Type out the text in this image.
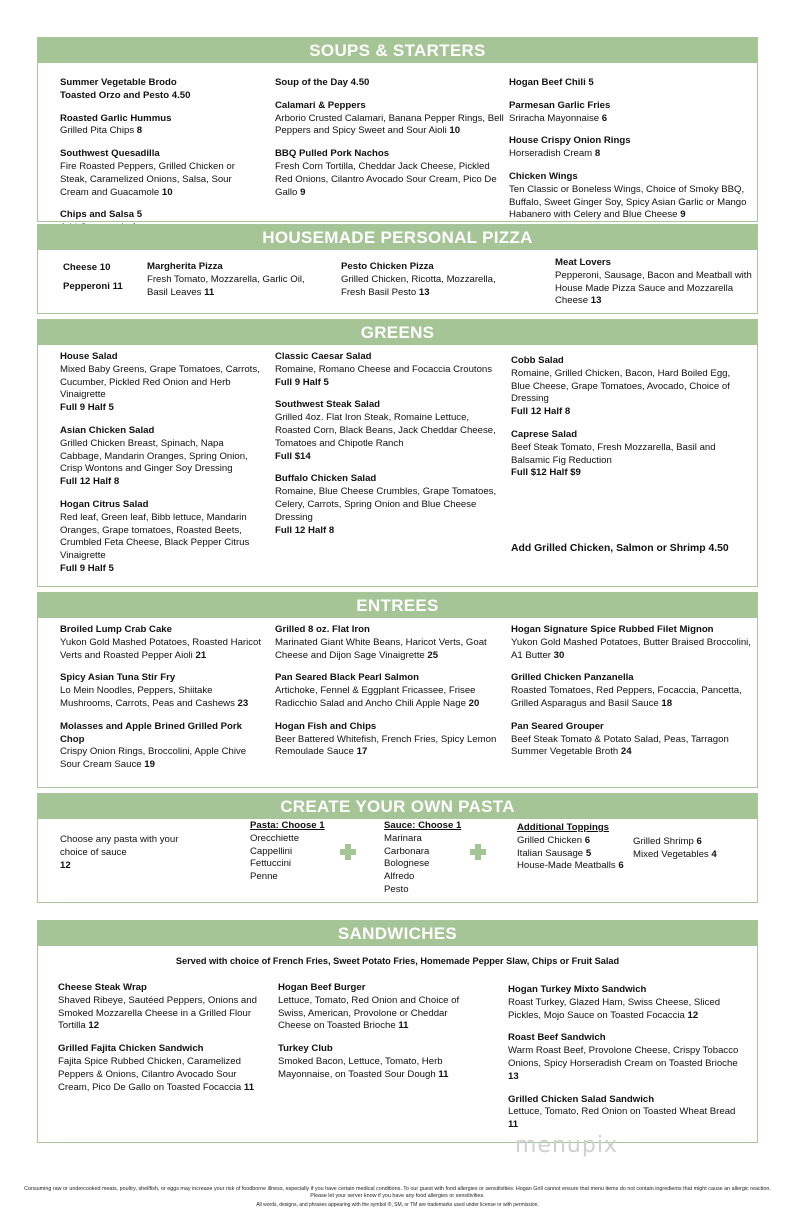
SOUPS & STARTERS
Summer Vegetable Brodo
Toasted Orzo and Pesto 4.50
Roasted Garlic Hummus
Grilled Pita Chips 8
Southwest Quesadilla
Fire Roasted Peppers, Grilled Chicken or Steak, Caramelized Onions, Salsa, Sour Cream and Guacamole 10
Chips and Salsa 5
Soup of the Day 4.50
Calamari & Peppers
Arborio Crusted Calamari, Banana Pepper Rings, Bell Peppers and Spicy Sweet and Sour Aioli 10
BBQ Pulled Pork Nachos
Fresh Corn Tortilla, Cheddar Jack Cheese, Pickled Red Onions, Cilantro Avocado Sour Cream, Pico De Gallo 9
Hogan Beef Chili 5
Parmesan Garlic Fries
Sriracha Mayonnaise 6
House Crispy Onion Rings
Horseradish Cream 8
Chicken Wings
Ten Classic or Boneless Wings, Choice of Smoky BBQ, Buffalo, Sweet Ginger Soy, Spicy Asian Garlic or Mango Habanero with Celery and Blue Cheese 9
HOUSEMADE PERSONAL PIZZA
Cheese 10
Pepperoni 11
Margherita Pizza
Fresh Tomato, Mozzarella, Garlic Oil, Basil Leaves 11
Pesto Chicken Pizza
Grilled Chicken, Ricotta, Mozzarella, Fresh Basil Pesto 13
Meat Lovers
Pepperoni, Sausage, Bacon and Meatball with House Made Pizza Sauce and Mozzarella Cheese 13
GREENS
House Salad
Mixed Baby Greens, Grape Tomatoes, Carrots, Cucumber, Pickled Red Onion and Herb Vinaigrette
Full 9 Half 5
Asian Chicken Salad
Grilled Chicken Breast, Spinach, Napa Cabbage, Mandarin Oranges, Spring Onion, Crisp Wontons and Ginger Soy Dressing
Full 12 Half 8
Hogan Citrus Salad
Red leaf, Green leaf, Bibb lettuce, Mandarin Oranges, Grape tomatoes, Roasted Beets, Crumbled Feta Cheese, Black Pepper Citrus Vinaigrette
Full 9 Half 5
Classic Caesar Salad
Romaine, Romano Cheese and Focaccia Croutons
Full 9 Half 5
Southwest Steak Salad
Grilled 4oz. Flat Iron Steak, Romaine Lettuce, Roasted Corn, Black Beans, Jack Cheddar Cheese, Tomatoes and Chipotle Ranch
Full $14
Buffalo Chicken Salad
Romaine, Blue Cheese Crumbles, Grape Tomatoes, Celery, Carrots, Spring Onion and Blue Cheese Dressing
Full 12 Half 8
Cobb Salad
Romaine, Grilled Chicken, Bacon, Hard Boiled Egg, Blue Cheese, Grape Tomatoes, Avocado, Choice of Dressing
Full 12 Half 8
Caprese Salad
Beef Steak Tomato, Fresh Mozzarella, Basil and Balsamic Fig Reduction
Full $12 Half $9
Add Grilled Chicken, Salmon or Shrimp 4.50
ENTREES
Broiled Lump Crab Cake
Yukon Gold Mashed Potatoes, Roasted Haricot Verts and Roasted Pepper Aioli 21
Spicy Asian Tuna Stir Fry
Lo Mein Noodles, Peppers, Shiitake Mushrooms, Carrots, Peas and Cashews 23
Molasses and Apple Brined Grilled Pork Chop
Crispy Onion Rings, Broccolini, Apple Chive Sour Cream Sauce 19
Grilled 8 oz. Flat Iron
Marinated Giant White Beans, Haricot Verts, Goat Cheese and Dijon Sage Vinaigrette 25
Pan Seared Black Pearl Salmon
Artichoke, Fennel & Eggplant Fricassee, Frisee Radicchio Salad and Ancho Chili Apple Nage 20
Hogan Fish and Chips
Beer Battered Whitefish, French Fries, Spicy Lemon Remoulade Sauce 17
Hogan Signature Spice Rubbed Filet Mignon
Yukon Gold Mashed Potatoes, Butter Braised Broccolini, A1 Butter 30
Grilled Chicken Panzanella
Roasted Tomatoes, Red Peppers, Focaccia, Pancetta, Grilled Asparagus and Basil Sauce 18
Pan Seared Grouper
Beef Steak Tomato & Potato Salad, Peas, Tarragon Summer Vegetable Broth 24
CREATE YOUR OWN PASTA
Choose any pasta with your choice of sauce
12
Pasta: Choose 1
Orecchiette
Cappellini
Fettuccini
Penne
Sauce: Choose 1
Marinara
Carbonara
Bolognese
Alfredo
Pesto
Additional Toppings
Grilled Chicken 6
Italian Sausage 5
House-Made Meatballs 6
Grilled Shrimp 6
Mixed Vegetables 4
SANDWICHES
Served with choice of French Fries, Sweet Potato Fries, Homemade Pepper Slaw, Chips or Fruit Salad
Cheese Steak Wrap
Shaved Ribeye, Sautéed Peppers, Onions and Smoked Mozzarella Cheese in a Grilled Flour Tortilla 12
Grilled Fajita Chicken Sandwich
Fajita Spice Rubbed Chicken, Caramelized Peppers & Onions, Cilantro Avocado Sour Cream, Pico De Gallo on Toasted Focaccia 11
Hogan Beef Burger
Lettuce, Tomato, Red Onion and Choice of Swiss, American, Provolone or Cheddar Cheese on Toasted Brioche 11
Turkey Club
Smoked Bacon, Lettuce, Tomato, Herb Mayonnaise, on Toasted Sour Dough 11
Hogan Turkey Mixto Sandwich
Roast Turkey, Glazed Ham, Swiss Cheese, Sliced Pickles, Mojo Sauce on Toasted Focaccia 12
Roast Beef Sandwich
Warm Roast Beef, Provolone Cheese, Crispy Tobacco Onions, Spicy Horseradish Cream on Toasted Brioche 13
Grilled Chicken Salad Sandwich
Lettuce, Tomato, Red Onion on Toasted Wheat Bread 11
menupix
Consuming raw or undercooked meats, poultry, shellfish, or eggs may increase your risk of foodborne illness, especially if you have certain medical conditions. To our guest with food allergies or sensitivities: Hogan Grill cannot ensure that menu items do not contain ingredients that might cause an allergic reaction. Please let your server know if you have any food allergies or sensitivities.
All words, designs, and phrases appearing with the symbol ®, SM, or TM are trademarks used under license or with permission.
